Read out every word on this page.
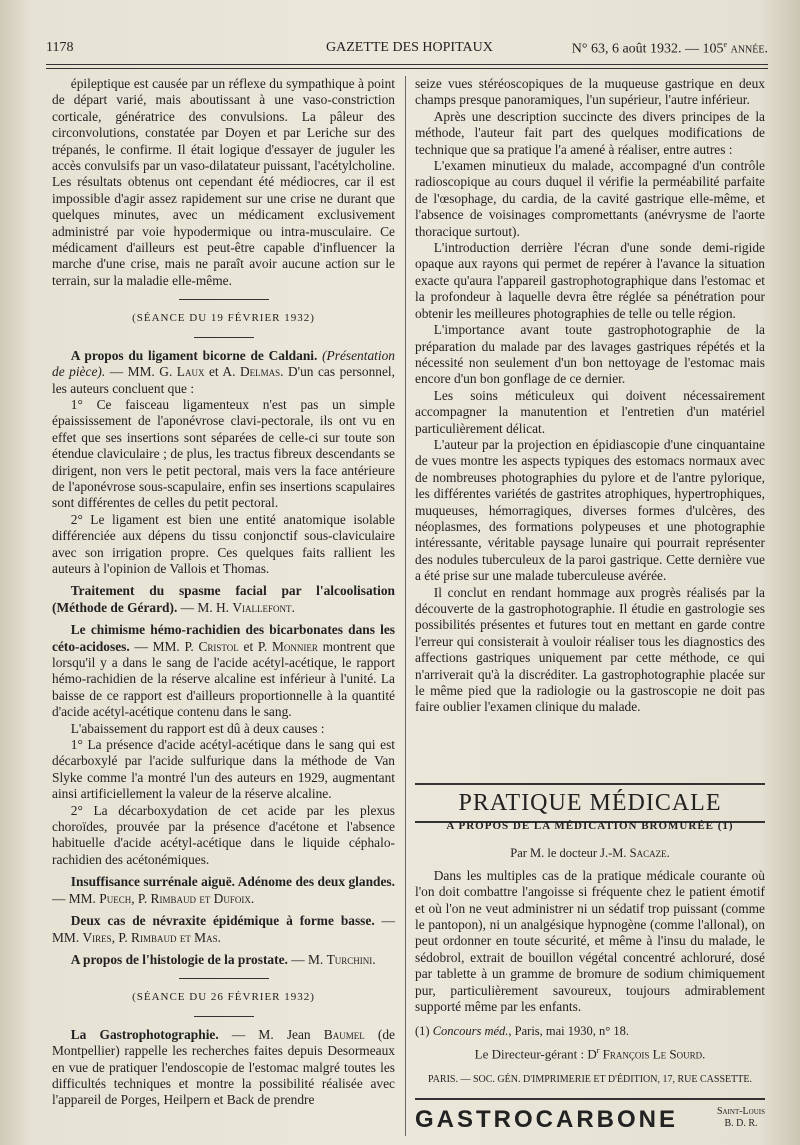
1178	GAZETTE DES HOPITAUX	N° 63, 6 août 1932. — 105e année.

épileptique est causée par un réflexe du sympathique à point de départ varié, mais aboutissant à une vaso-constriction corticale, génératrice des convulsions. La pâleur des circonvolutions, constatée par Doyen et par Leriche sur des trépanés, le confirme. Il était logique d'essayer de juguler les accès convulsifs par un vaso-dilatateur puissant, l'acétylcholine. Les résultats obtenus ont cependant été médiocres, car il est impossible d'agir assez rapidement sur une crise ne durant que quelques minutes, avec un médicament exclusivement administré par voie hypodermique ou intra-musculaire. Ce médicament d'ailleurs est peut-être capable d'influencer la marche d'une crise, mais ne paraît avoir aucune action sur le terrain, sur la maladie elle-même.

(SÉANCE DU 19 FÉVRIER 1932)

A propos du ligament bicorne de Caldani. (Présentation de pièce). — MM. G. Laux et A. Delmas. D'un cas personnel, les auteurs concluent que :

1° Ce faisceau ligamenteux n'est pas un simple épaississement de l'aponévrose clavi-pectorale, ils ont vu en effet que ses insertions sont séparées de celle-ci sur toute son étendue claviculaire ; de plus, les tractus fibreux descendants se dirigent, non vers le petit pectoral, mais vers la face antérieure de l'aponévrose sous-scapulaire, enfin ses insertions scapulaires sont différentes de celles du petit pectoral.

2° Le ligament est bien une entité anatomique isolable différenciée aux dépens du tissu conjonctif sous-claviculaire avec son irrigation propre. Ces quelques faits rallient les auteurs à l'opinion de Vallois et Thomas.

Traitement du spasme facial par l'alcoolisation (Méthode de Gérard). — M. H. Viallefont.

Le chimisme hémo-rachidien des bicarbonates dans les céto-acidoses. — MM. P. Cristol et P. Monnier montrent que lorsqu'il y a dans le sang de l'acide acétyl-acétique, le rapport hémo-rachidien de la réserve alcaline est inférieur à l'unité. La baisse de ce rapport est d'ailleurs proportionnelle à la quantité d'acide acétyl-acétique contenu dans le sang.

L'abaissement du rapport est dû à deux causes :

1° La présence d'acide acétyl-acétique dans le sang qui est décarboxylé par l'acide sulfurique dans la méthode de Van Slyke comme l'a montré l'un des auteurs en 1929, augmentant ainsi artificiellement la valeur de la réserve alcaline.

2° La décarboxydation de cet acide par les plexus choroïdes, prouvée par la présence d'acétone et l'absence habituelle d'acide acétyl-acétique dans le liquide céphalo-rachidien des acétonémiques.

Insuffisance surrénale aiguë. Adénome des deux glandes. — MM. Puech, P. Rimbaud et Dufoix.

Deux cas de névraxite épidémique à forme basse. — MM. Vires, P. Rimbaud et Mas.

A propos de l'histologie de la prostate. — M. Turchini.

(SÉANCE DU 26 FÉVRIER 1932)

La Gastrophotographie. — M. Jean Baumel (de Montpellier) rappelle les recherches faites depuis Desormeaux en vue de pratiquer l'endoscopie de l'estomac malgré toutes les difficultés techniques et montre la possibilité réalisée avec l'appareil de Porges, Heilpern et Back de prendre

seize vues stéréoscopiques de la muqueuse gastrique en deux champs presque panoramiques, l'un supérieur, l'autre inférieur.

Après une description succincte des divers principes de la méthode, l'auteur fait part des quelques modifications de technique que sa pratique l'a amené à réaliser, entre autres :

L'examen minutieux du malade, accompagné d'un contrôle radioscopique au cours duquel il vérifie la perméabilité parfaite de l'œsophage, du cardia, de la cavité gastrique elle-même, et l'absence de voisinages compromettants (anévrysme de l'aorte thoracique surtout).

L'introduction derrière l'écran d'une sonde demi-rigide opaque aux rayons qui permet de repérer à l'avance la situation exacte qu'aura l'appareil gastrophotographique dans l'estomac et la profondeur à laquelle devra être réglée sa pénétration pour obtenir les meilleures photographies de telle ou telle région.

L'importance avant toute gastrophotographie de la préparation du malade par des lavages gastriques répétés et la nécessité non seulement d'un bon nettoyage de l'estomac mais encore d'un bon gonflage de ce dernier.

Les soins méticuleux qui doivent nécessairement accompagner la manutention et l'entretien d'un matériel particulièrement délicat.

L'auteur par la projection en épidiascopie d'une cinquantaine de vues montre les aspects typiques des estomacs normaux avec de nombreuses photographies du pylore et de l'antre pylorique, les différentes variétés de gastrites atrophiques, hypertrophiques, muqueuses, hémorragiques, diverses formes d'ulcères, des néoplasmes, des formations polypeuses et une photographie intéressante, véritable paysage lunaire qui pourrait représenter des nodules tuberculeux de la paroi gastrique. Cette dernière vue a été prise sur une malade tuberculeuse avérée.

Il conclut en rendant hommage aux progrès réalisés par la découverte de la gastrophotographie. Il étudie en gastrologie ses possibilités présentes et futures tout en mettant en garde contre l'erreur qui consisterait à vouloir réaliser tous les diagnostics des affections gastriques uniquement par cette méthode, ce qui n'arriverait qu'à la discréditer. La gastrophotographie placée sur le même pied que la radiologie ou la gastroscopie ne doit pas faire oublier l'examen clinique du malade.

PRATIQUE MÉDICALE

A PROPOS DE LA MÉDICATION BROMURÉE (1)

Par M. le docteur J.-M. Sacaze.

Dans les multiples cas de la pratique médicale courante où l'on doit combattre l'angoisse si fréquente chez le patient émotif et où l'on ne veut administrer ni un sédatif trop puissant (comme le pantopon), ni un analgésique hypnogène (comme l'allonal), on peut ordonner en toute sécurité, et même à l'insu du malade, le sédobrol, extrait de bouillon végétal concentré achloruré, dosé par tablette à un gramme de bromure de sodium chimiquement pur, particulièrement savoureux, toujours admirablement supporté même par les enfants.

(1) Concours méd., Paris, mai 1930, n° 18.
Le Directeur-gérant : $D^r$ François Le Sourd.
PARIS. — SOC. GÉN. D'IMPRIMERIE ET D'ÉDITION, 17, RUE CASSETTE.
GASTROCARBONE	Saint-Louis
B. D. R.
